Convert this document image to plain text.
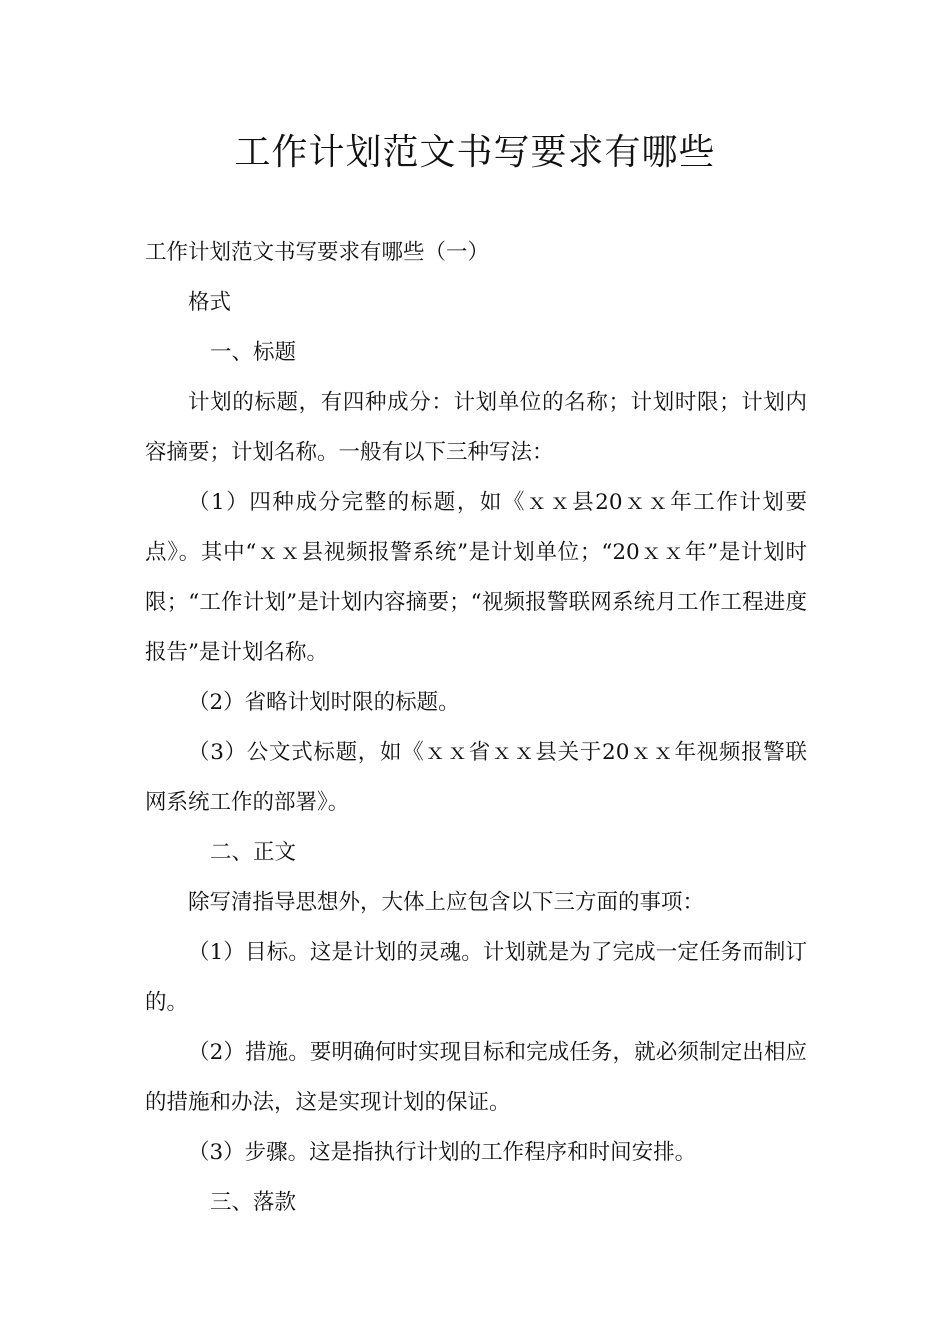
工作计划范文书写要求有哪些

工作计划范文书写要求有哪些（一）

格式

一、标题

计划的标题，有四种成分：计划单位的名称；计划时限；计划内容摘要；计划名称。一般有以下三种写法：

（1）四种成分完整的标题，如《ｘｘ县20ｘｘ年工作计划要点》。其中“ｘｘ县视频报警系统”是计划单位；“20ｘｘ年”是计划时限；“工作计划”是计划内容摘要；“视频报警联网系统月工作工程进度报告”是计划名称。

（2）省略计划时限的标题。

（3）公文式标题，如《ｘｘ省ｘｘ县关于20ｘｘ年视频报警联网系统工作的部署》。

二、正文

除写清指导思想外，大体上应包含以下三方面的事项：

（1）目标。这是计划的灵魂。计划就是为了完成一定任务而制订的。

（2）措施。要明确何时实现目标和完成任务，就必须制定出相应的措施和办法，这是实现计划的保证。

（3）步骤。这是指执行计划的工作程序和时间安排。

三、落款
